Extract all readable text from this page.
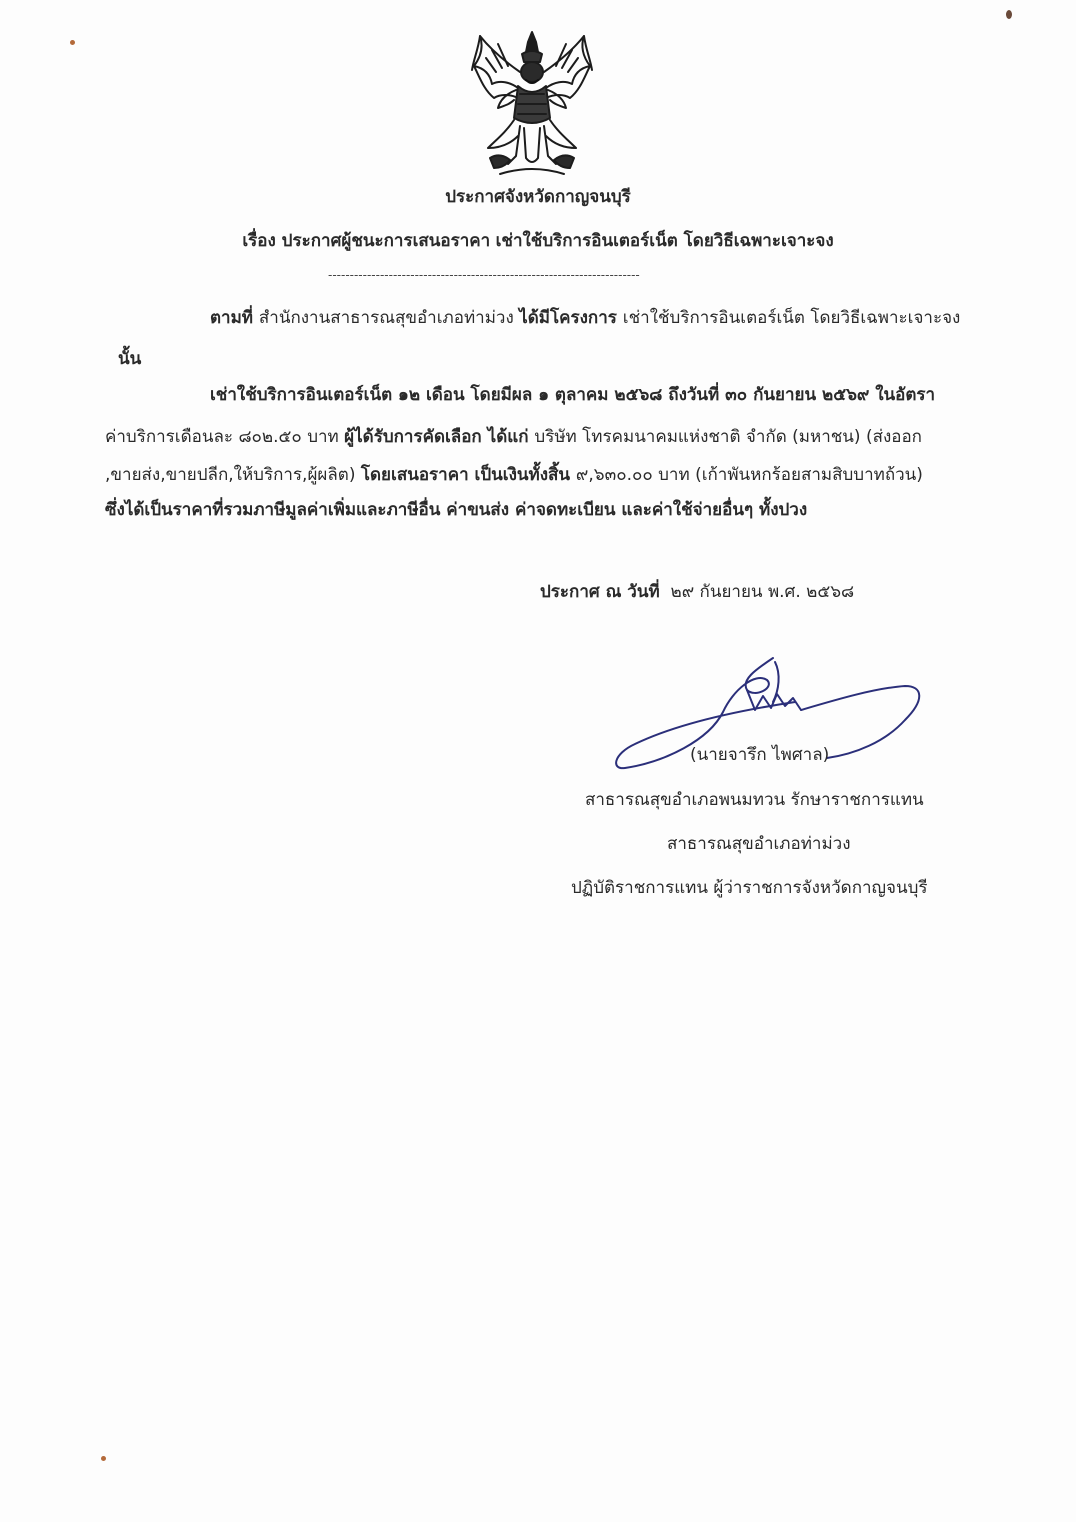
ประกาศจังหวัดกาญจนบุรี
เรื่อง ประกาศผู้ชนะการเสนอราคา เช่าใช้บริการอินเตอร์เน็ต โดยวิธีเฉพาะเจาะจง
------------------------------------------------------------------------
ตามที่ สำนักงานสาธารณสุขอำเภอท่าม่วง ได้มีโครงการ เช่าใช้บริการอินเตอร์เน็ต โดยวิธีเฉพาะเจาะจง
นั้น
เช่าใช้บริการอินเตอร์เน็ต ๑๒ เดือน โดยมีผล ๑ ตุลาคม ๒๕๖๘ ถึงวันที่ ๓๐ กันยายน ๒๕๖๙ ในอัตรา
ค่าบริการเดือนละ ๘๐๒.๕๐ บาท ผู้ได้รับการคัดเลือก ได้แก่ บริษัท โทรคมนาคมแห่งชาติ จำกัด (มหาชน) (ส่งออก
,ขายส่ง,ขายปลีก,ให้บริการ,ผู้ผลิต) โดยเสนอราคา เป็นเงินทั้งสิ้น ๙,๖๓๐.๐๐ บาท (เก้าพันหกร้อยสามสิบบาทถ้วน)
ซึ่งได้เป็นราคาที่รวมภาษีมูลค่าเพิ่มและภาษีอื่น ค่าขนส่ง ค่าจดทะเบียน และค่าใช้จ่ายอื่นๆ ทั้งปวง
ประกาศ ณ วันที่ ๒๙ กันยายน พ.ศ. ๒๕๖๘
(นายจารึก ไพศาล)
สาธารณสุขอำเภอพนมทวน รักษาราชการแทน
สาธารณสุขอำเภอท่าม่วง
ปฏิบัติราชการแทน ผู้ว่าราชการจังหวัดกาญจนบุรี
